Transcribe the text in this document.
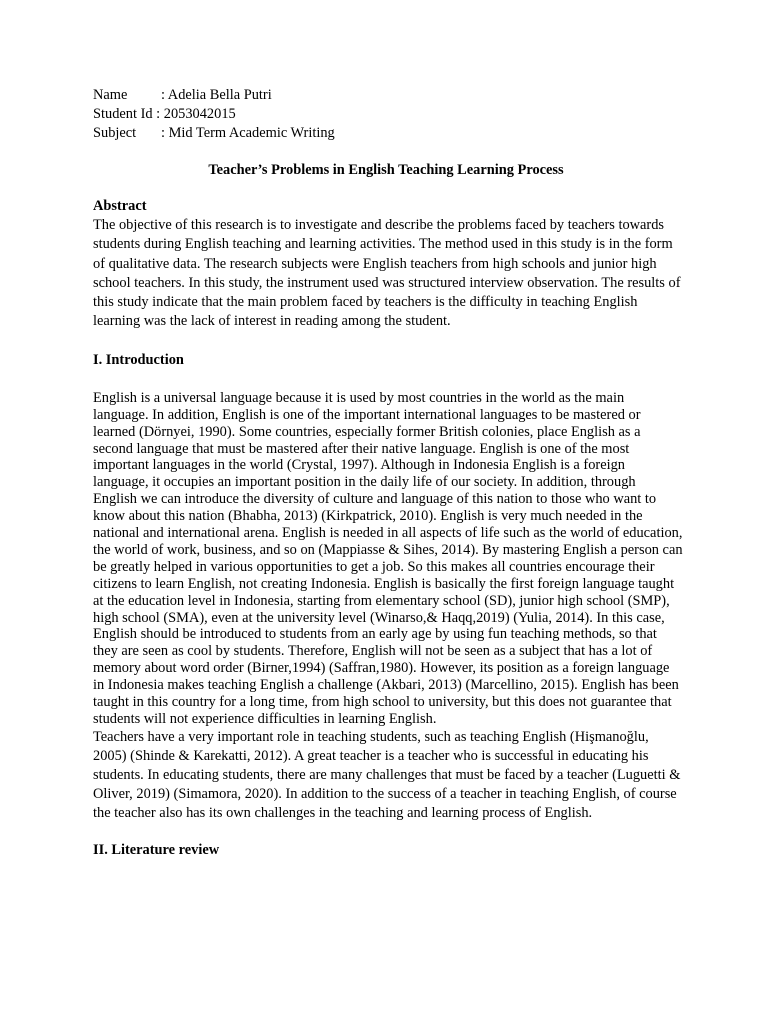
Name	: Adelia Bella Putri
Student Id : 2053042015
Subject	: Mid Term Academic Writing
Teacher’s Problems in English Teaching Learning Process
Abstract

The objective of this research is to investigate and describe the problems faced by teachers towards students during English teaching and learning activities. The method used in this study is in the form of qualitative data. The research subjects were English teachers from high schools and junior high school teachers. In this study, the instrument used was structured interview observation. The results of this study indicate that the main problem faced by teachers is the difficulty in teaching English learning was the lack of interest in reading among the student.

I. Introduction

English is a universal language because it is used by most countries in the world as the main language. In addition, English is one of the important international languages to be mastered or learned (Dörnyei, 1990). Some countries, especially former British colonies, place English as a second language that must be mastered after their native language. English is one of the most important languages in the world (Crystal, 1997). Although in Indonesia English is a foreign language, it occupies an important position in the daily life of our society. In addition, through English we can introduce the diversity of culture and language of this nation to those who want to know about this nation (Bhabha, 2013) (Kirkpatrick, 2010). English is very much needed in the national and international arena. English is needed in all aspects of life such as the world of education, the world of work, business, and so on (Mappiasse & Sihes, 2014). By mastering English a person can be greatly helped in various opportunities to get a job. So this makes all countries encourage their citizens to learn English, not creating Indonesia. English is basically the first foreign language taught at the education level in Indonesia, starting from elementary school (SD), junior high school (SMP), high school (SMA), even at the university level (Winarso,& Haqq,2019) (Yulia, 2014). In this case, English should be introduced to students from an early age by using fun teaching methods, so that they are seen as cool by students. Therefore, English will not be seen as a subject that has a lot of memory about word order (Birner,1994) (Saffran,1980). However, its position as a foreign language in Indonesia makes teaching English a challenge (Akbari, 2013) (Marcellino, 2015). English has been taught in this country for a long time, from high school to university, but this does not guarantee that students will not experience difficulties in learning English.

Teachers have a very important role in teaching students, such as teaching English (Hişmanoğlu, 2005) (Shinde & Karekatti, 2012). A great teacher is a teacher who is successful in educating his students. In educating students, there are many challenges that must be faced by a teacher (Luguetti & Oliver, 2019) (Simamora, 2020). In addition to the success of a teacher in teaching English, of course the teacher also has its own challenges in the teaching and learning process of English.

II. Literature review
